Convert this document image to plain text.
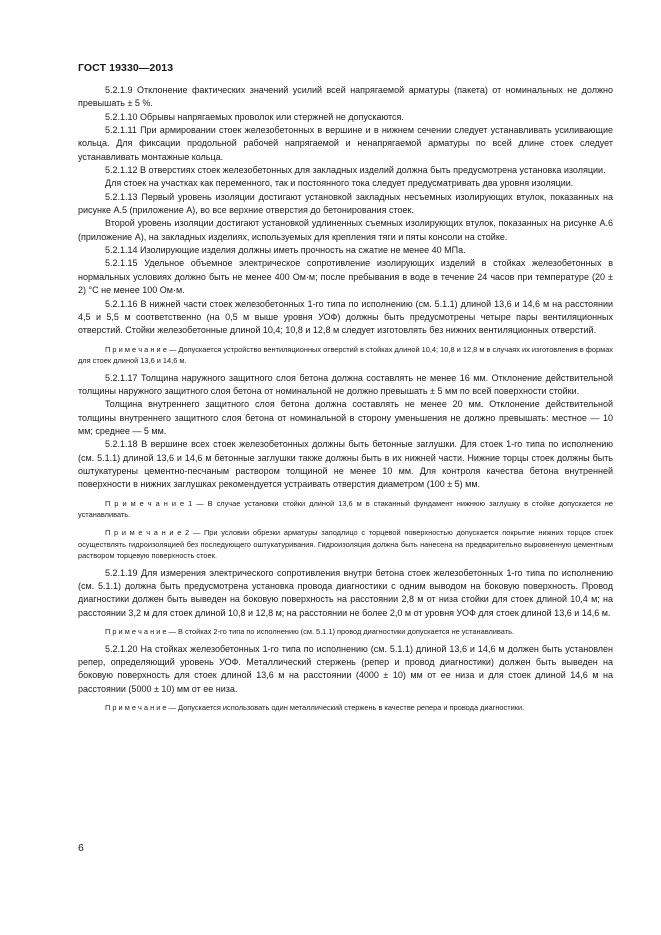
ГОСТ 19330—2013

5.2.1.9 Отклонение фактических значений усилий всей напрягаемой арматуры (пакета) от номинальных не должно превышать ± 5 %.

5.2.1.10 Обрывы напрягаемых проволок или стержней не допускаются.

5.2.1.11 При армировании стоек железобетонных в вершине и в нижнем сечении следует устанавливать усиливающие кольца. Для фиксации продольной рабочей напрягаемой и ненапрягаемой арматуры по всей длине стоек следует устанавливать монтажные кольца.

5.2.1.12 В отверстиях стоек железобетонных для закладных изделий должна быть предусмотрена установка изоляции.

Для стоек на участках как переменного, так и постоянного тока следует предусматривать два уровня изоляции.

5.2.1.13 Первый уровень изоляции достигают установкой закладных несъемных изолирующих втулок, показанных на рисунке А.5 (приложение А), во все верхние отверстия до бетонирования стоек.

Второй уровень изоляции достигают установкой удлиненных съемных изолирующих втулок, показанных на рисунке А.6 (приложение А), на закладных изделиях, используемых для крепления тяги и пяты консоли на стойке.

5.2.1.14 Изолирующие изделия должны иметь прочность на сжатие не менее 40 МПа.

5.2.1.15 Удельное объемное электрическое сопротивление изолирующих изделий в стойках железобетонных в нормальных условиях должно быть не менее 400 Ом·м; после пребывания в воде в течение 24 часов при температуре (20 ± 2) °С не менее 100 Ом·м.

5.2.1.16 В нижней части стоек железобетонных 1-го типа по исполнению (см. 5.1.1) длиной 13,6 и 14,6 м на расстоянии 4,5 и 5,5 м соответственно (на 0,5 м выше уровня УОФ) должны быть предусмотрены четыре пары вентиляционных отверстий. Стойки железобетонные длиной 10,4; 10,8 и 12,8 м следует изготовлять без нижних вентиляционных отверстий.

П р и м е ч а н и е — Допускается устройство вентиляционных отверстий в стойках длиной 10,4; 10,8 и 12,8 м в случаях их изготовления в формах для стоек длиной 13,6 и 14,6 м.

5.2.1.17 Толщина наружного защитного слоя бетона должна составлять не менее 16 мм. Отклонение действительной толщины наружного защитного слоя бетона от номинальной не должно превышать ± 5 мм по всей поверхности стойки.

Толщина внутреннего защитного слоя бетона должна составлять не менее 20 мм. Отклонение действительной толщины внутреннего защитного слоя бетона от номинальной в сторону уменьшения не должно превышать: местное — 10 мм; среднее — 5 мм.

5.2.1.18 В вершине всех стоек железобетонных должны быть бетонные заглушки. Для стоек 1-го типа по исполнению (см. 5.1.1) длиной 13,6 и 14,6 м бетонные заглушки также должны быть в их нижней части. Нижние торцы стоек должны быть оштукатурены цементно-песчаным раствором толщиной не менее 10 мм. Для контроля качества бетона внутренней поверхности в нижних заглушках рекомендуется устраивать отверстия диаметром (100 ± 5) мм.

П р и м е ч а н и е 1 — В случае установки стойки длиной 13,6 м в стаканный фундамент нижнюю заглушку в стойке допускается не устанавливать.

П р и м е ч а н и е 2 — При условии обрезки арматуры заподлицо с торцевой поверхностью допускается покрытие нижних торцов стоек осуществлять гидроизоляцией без последующего оштукатуривания. Гидроизоляция должна быть нанесена на предварительно выровненную цементным раствором торцевую поверхность стоек.

5.2.1.19 Для измерения электрического сопротивления внутри бетона стоек железобетонных 1-го типа по исполнению (см. 5.1.1) должна быть предусмотрена установка провода диагностики с одним выводом на боковую поверхность. Провод диагностики должен быть выведен на боковую поверхность на расстоянии 2,8 м от низа стойки для стоек длиной 10,4 м; на расстоянии 3,2 м для стоек длиной 10,8 и 12,8 м; на расстоянии не более 2,0 м от уровня УОФ для стоек длиной 13,6 и 14,6 м.

П р и м е ч а н и е — В стойках 2-го типа по исполнению (см. 5.1.1) провод диагностики допускается не устанавливать.

5.2.1.20 На стойках железобетонных 1-го типа по исполнению (см. 5.1.1) длиной 13,6 и 14,6 м должен быть установлен репер, определяющий уровень УОФ. Металлический стержень (репер и провод диагностики) должен быть выведен на боковую поверхность для стоек длиной 13,6 м на расстоянии (4000 ± 10) мм от ее низа и для стоек длиной 14,6 м на расстоянии (5000 ± 10) мм от ее низа.

П р и м е ч а н и е — Допускается использовать один металлический стержень в качестве репера и провода диагностики.

6
